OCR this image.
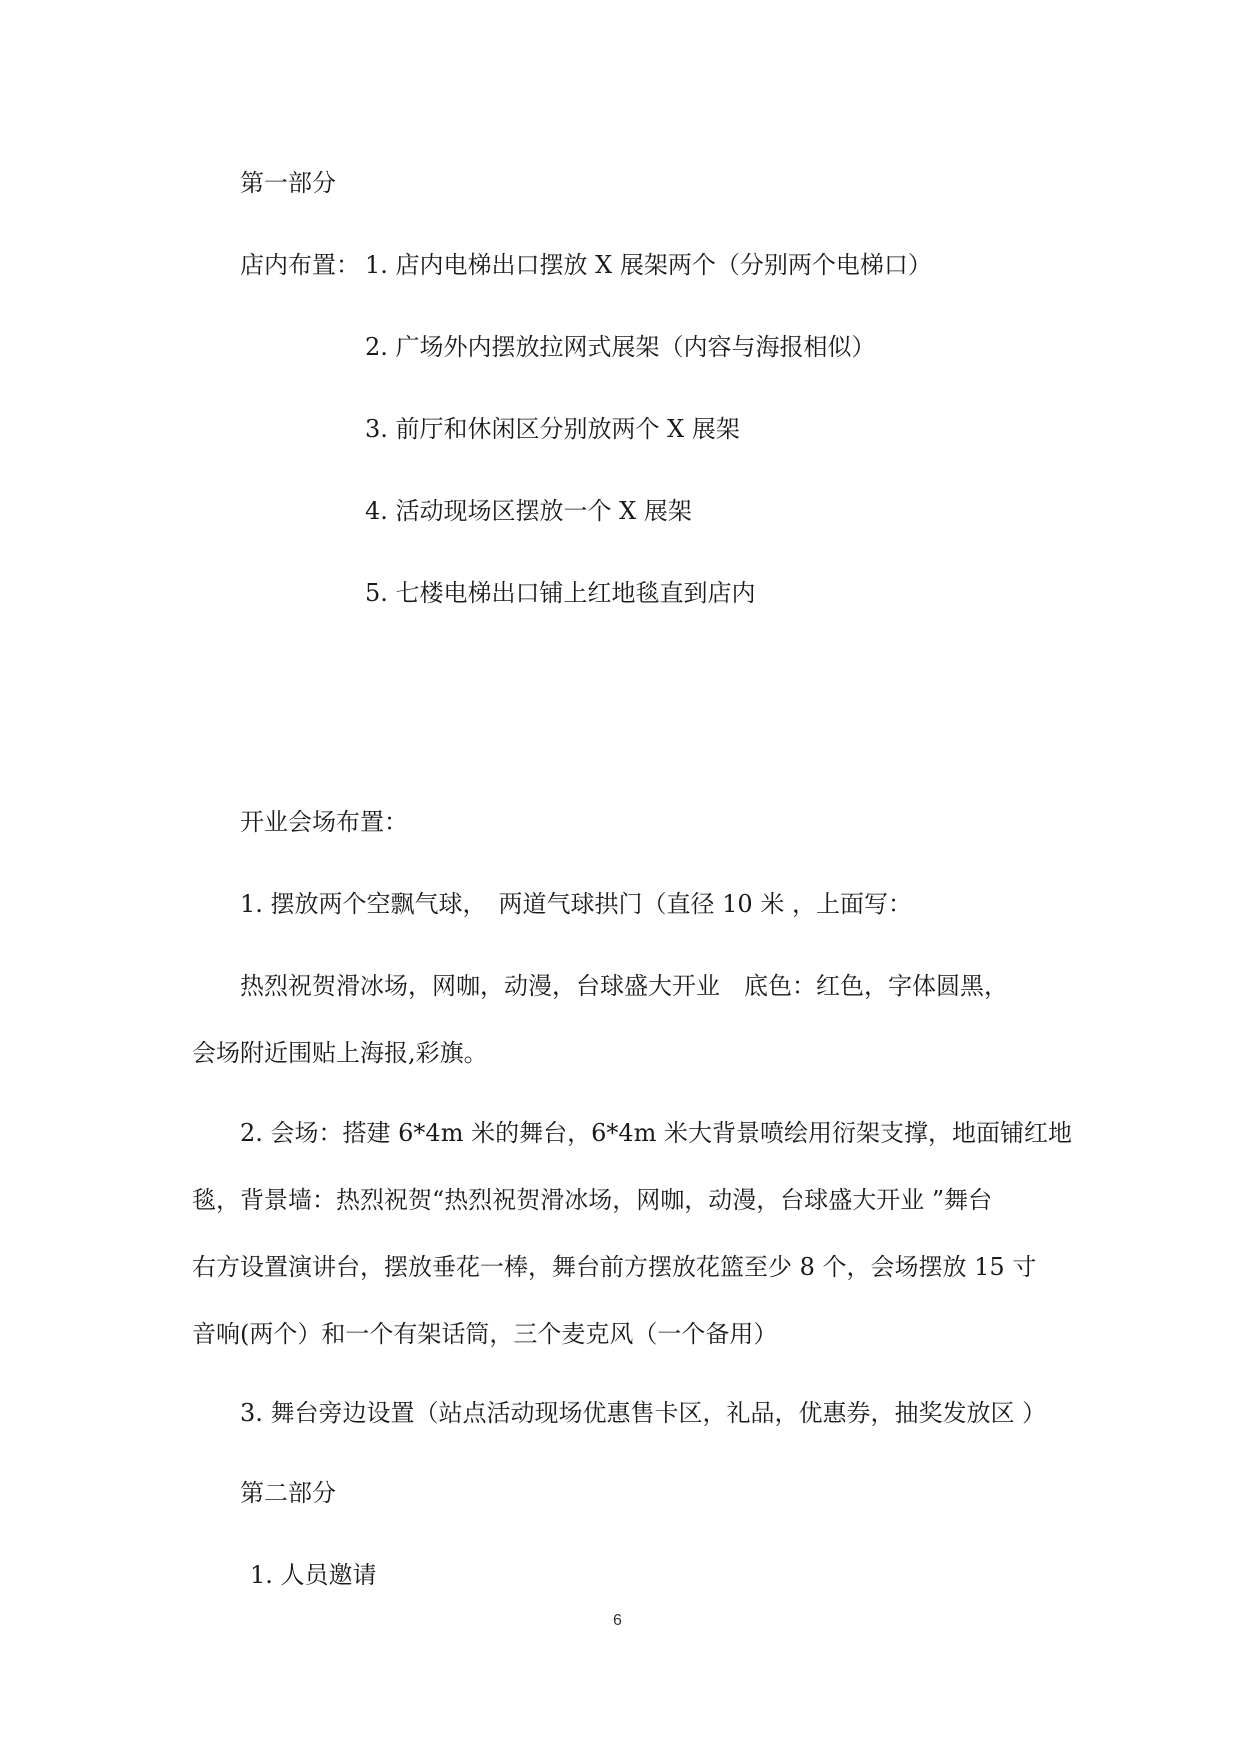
第一部分
店内布置： 1. 店内电梯出口摆放 X 展架两个（分别两个电梯口）
2. 广场外内摆放拉网式展架（内容与海报相似）
3. 前厅和休闲区分别放两个 X 展架
4. 活动现场区摆放一个 X 展架
5. 七楼电梯出口铺上红地毯直到店内
开业会场布置：
1. 摆放两个空飘气球，　两道气球拱门（直径 10 米 ，上面写：
热烈祝贺滑冰场，网咖，动漫，台球盛大开业　底色：红色，字体圆黑，
会场附近围贴上海报,彩旗。
2. 会场：搭建 6*4m 米的舞台，6*4m 米大背景喷绘用衍架支撑，地面铺红地
毯，背景墙：热烈祝贺“热烈祝贺滑冰场，网咖，动漫，台球盛大开业 ”舞台
右方设置演讲台，摆放垂花一棒，舞台前方摆放花篮至少 8 个，会场摆放 15 寸
音响(两个）和一个有架话筒，三个麦克风（一个备用）
3. 舞台旁边设置（站点活动现场优惠售卡区，礼品，优惠券，抽奖发放区 ）
第二部分
1. 人员邀请
6
